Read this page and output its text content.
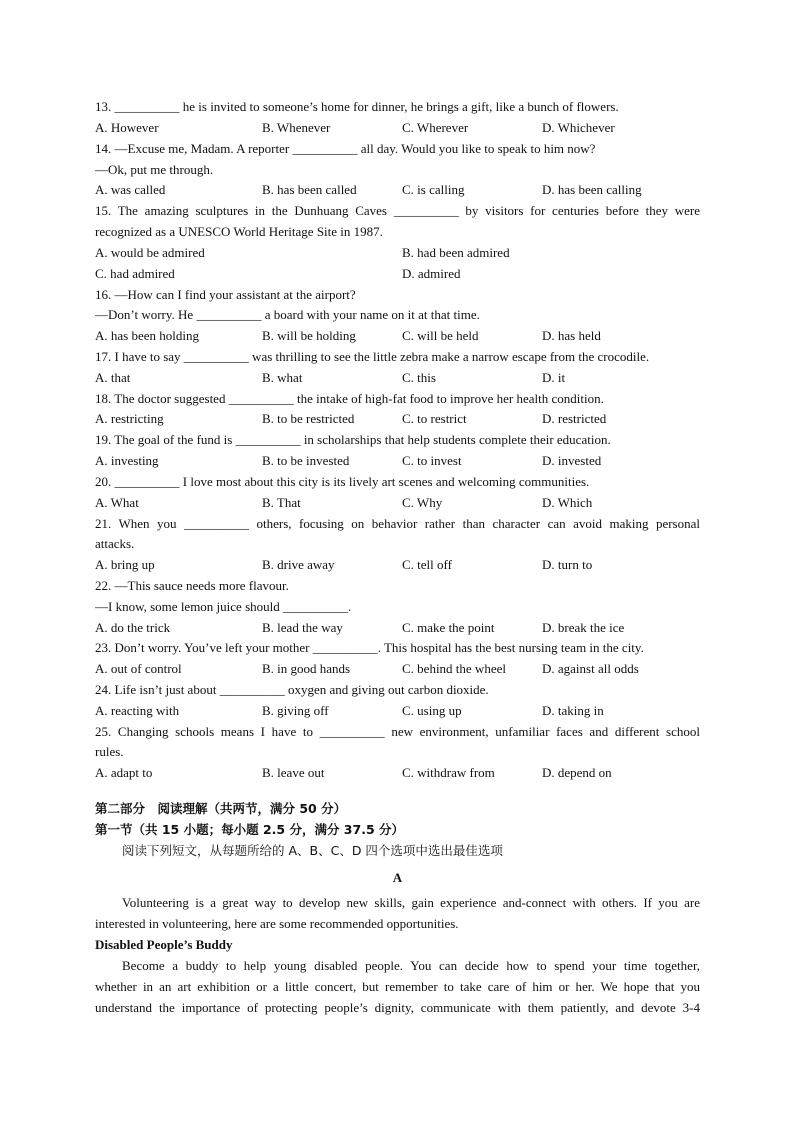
13. __________ he is invited to someone’s home for dinner, he brings a gift, like a bunch of flowers.
A. However	B. Whenever	C. Wherever	D. Whichever
14. —Excuse me, Madam. A reporter __________ all day. Would you like to speak to him now?
—Ok, put me through.
A. was called	B. has been called	C. is calling	D. has been calling
15. The amazing sculptures in the Dunhuang Caves __________ by visitors for centuries before they were
recognized as a UNESCO World Heritage Site in 1987.
A. would be admired	B. had been admired
C. had admired	D. admired
16. —How can I find your assistant at the airport?
—Don’t worry. He __________ a board with your name on it at that time.
A. has been holding	B. will be holding	C. will be held	D. has held
17. I have to say __________ was thrilling to see the little zebra make a narrow escape from the crocodile.
A. that	B. what	C. this	D. it
18. The doctor suggested __________ the intake of high-fat food to improve her health condition.
A. restricting	B. to be restricted	C. to restrict	D. restricted
19. The goal of the fund is __________ in scholarships that help students complete their education.
A. investing	B. to be invested	C. to invest	D. invested
20. __________ I love most about this city is its lively art scenes and welcoming communities.
A. What	B. That	C. Why	D. Which
21. When you __________ others, focusing on behavior rather than character can avoid making personal
attacks.
A. bring up	B. drive away	C. tell off	D. turn to
22. —This sauce needs more flavour.
—I know, some lemon juice should __________.
A. do the trick	B. lead the way	C. make the point	D. break the ice
23. Don’t worry. You’ve left your mother __________. This hospital has the best nursing team in the city.
A. out of control	B. in good hands	C. behind the wheel	D. against all odds
24. Life isn’t just about __________ oxygen and giving out carbon dioxide.
A. reacting with	B. giving off	C. using up	D. taking in
25. Changing schools means I have to __________ new environment, unfamiliar faces and different school
rules.
A. adapt to	B. leave out	C. withdraw from	D. depend on
第二部分　阅读理解（共两节，满分 50 分）
第一节（共 15 小题；每小题 2.5 分，满分 37.5 分）
阅读下列短文，从每题所给的 A、B、C、D 四个选项中选出最佳选项
A
Volunteering is a great way to develop new skills, gain experience and-connect with others. If you are
interested in volunteering, here are some recommended opportunities.
Disabled People’s Buddy
Become a buddy to help young disabled people. You can decide how to spend your time together,
whether in an art exhibition or a little concert, but remember to take care of him or her. We hope that you
understand the importance of protecting people’s dignity, communicate with them patiently, and devote 3-4
